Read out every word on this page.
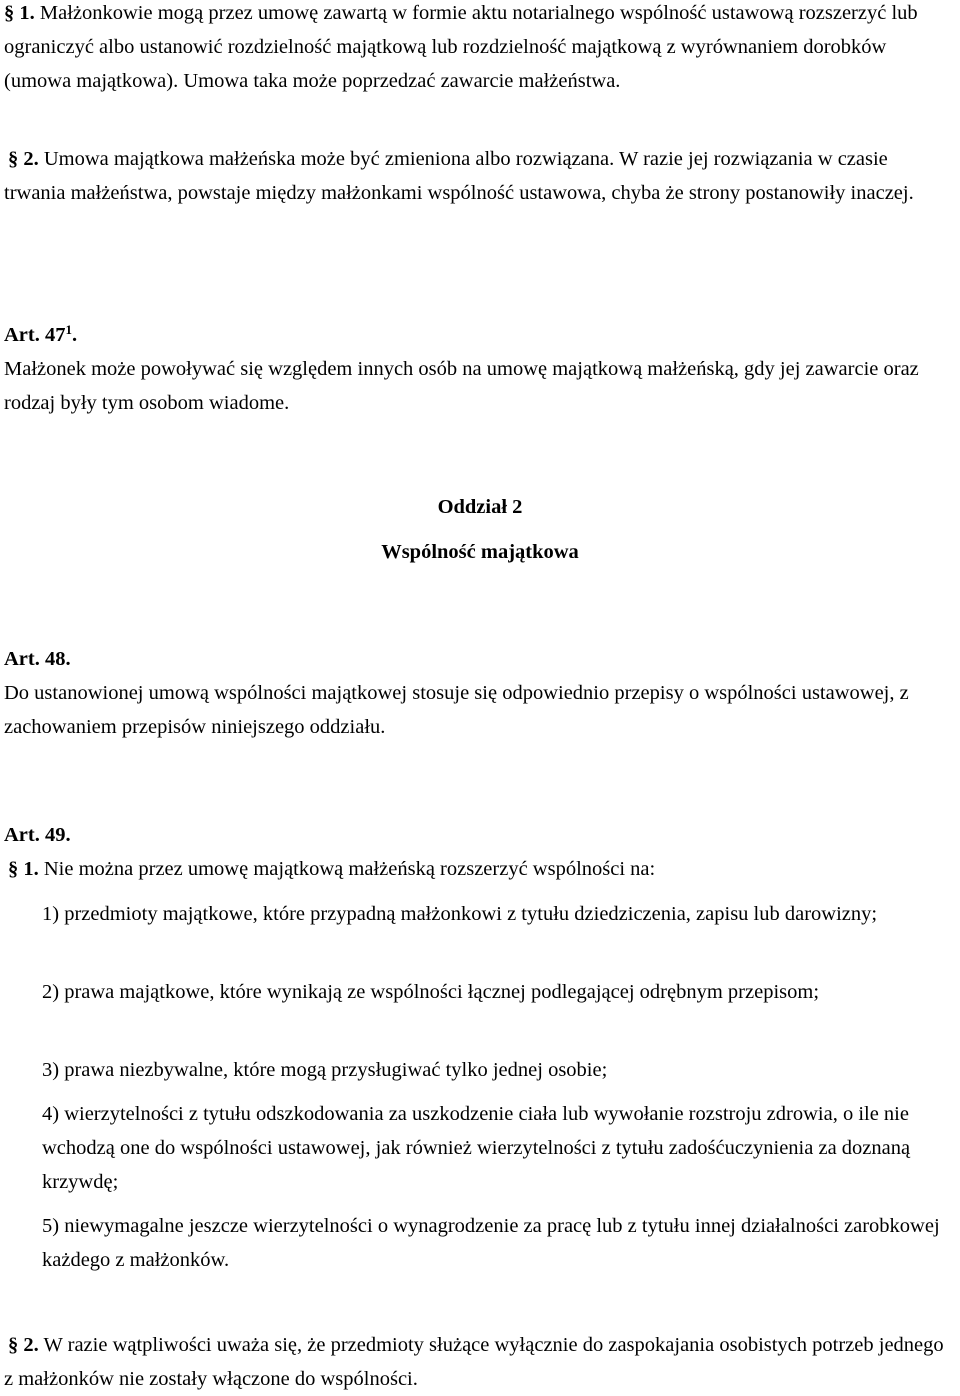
§ 1. Małżonkowie mogą przez umowę zawartą w formie aktu notarialnego wspólność ustawową rozszerzyć lub ograniczyć albo ustanowić rozdzielność majątkową lub rozdzielność majątkową z wyrównaniem dorobków (umowa majątkowa). Umowa taka może poprzedzać zawarcie małżeństwa.

§ 2. Umowa majątkowa małżeńska może być zmieniona albo rozwiązana. W razie jej rozwiązania w czasie trwania małżeństwa, powstaje między małżonkami wspólność ustawowa, chyba że strony postanowiły inaczej.

Art. $47^1$.

Małżonek może powoływać się względem innych osób na umowę majątkową małżeńską, gdy jej zawarcie oraz rodzaj były tym osobom wiadome.

Oddział 2

Wspólność majątkowa

Art. 48.

Do ustanowionej umową wspólności majątkowej stosuje się odpowiednio przepisy o wspólności ustawowej, z zachowaniem przepisów niniejszego oddziału.

Art. 49.

§ 1. Nie można przez umowę majątkową małżeńską rozszerzyć wspólności na:

1) przedmioty majątkowe, które przypadną małżonkowi z tytułu dziedziczenia, zapisu lub darowizny;

2) prawa majątkowe, które wynikają ze wspólności łącznej podlegającej odrębnym przepisom;

3) prawa niezbywalne, które mogą przysługiwać tylko jednej osobie;

4) wierzytelności z tytułu odszkodowania za uszkodzenie ciała lub wywołanie rozstroju zdrowia, o ile nie wchodzą one do wspólności ustawowej, jak również wierzytelności z tytułu zadośćuczynienia za doznaną krzywdę;

5) niewymagalne jeszcze wierzytelności o wynagrodzenie za pracę lub z tytułu innej działalności zarobkowej każdego z małżonków.

§ 2. W razie wątpliwości uważa się, że przedmioty służące wyłącznie do zaspokajania osobistych potrzeb jednego z małżonków nie zostały włączone do wspólności.
